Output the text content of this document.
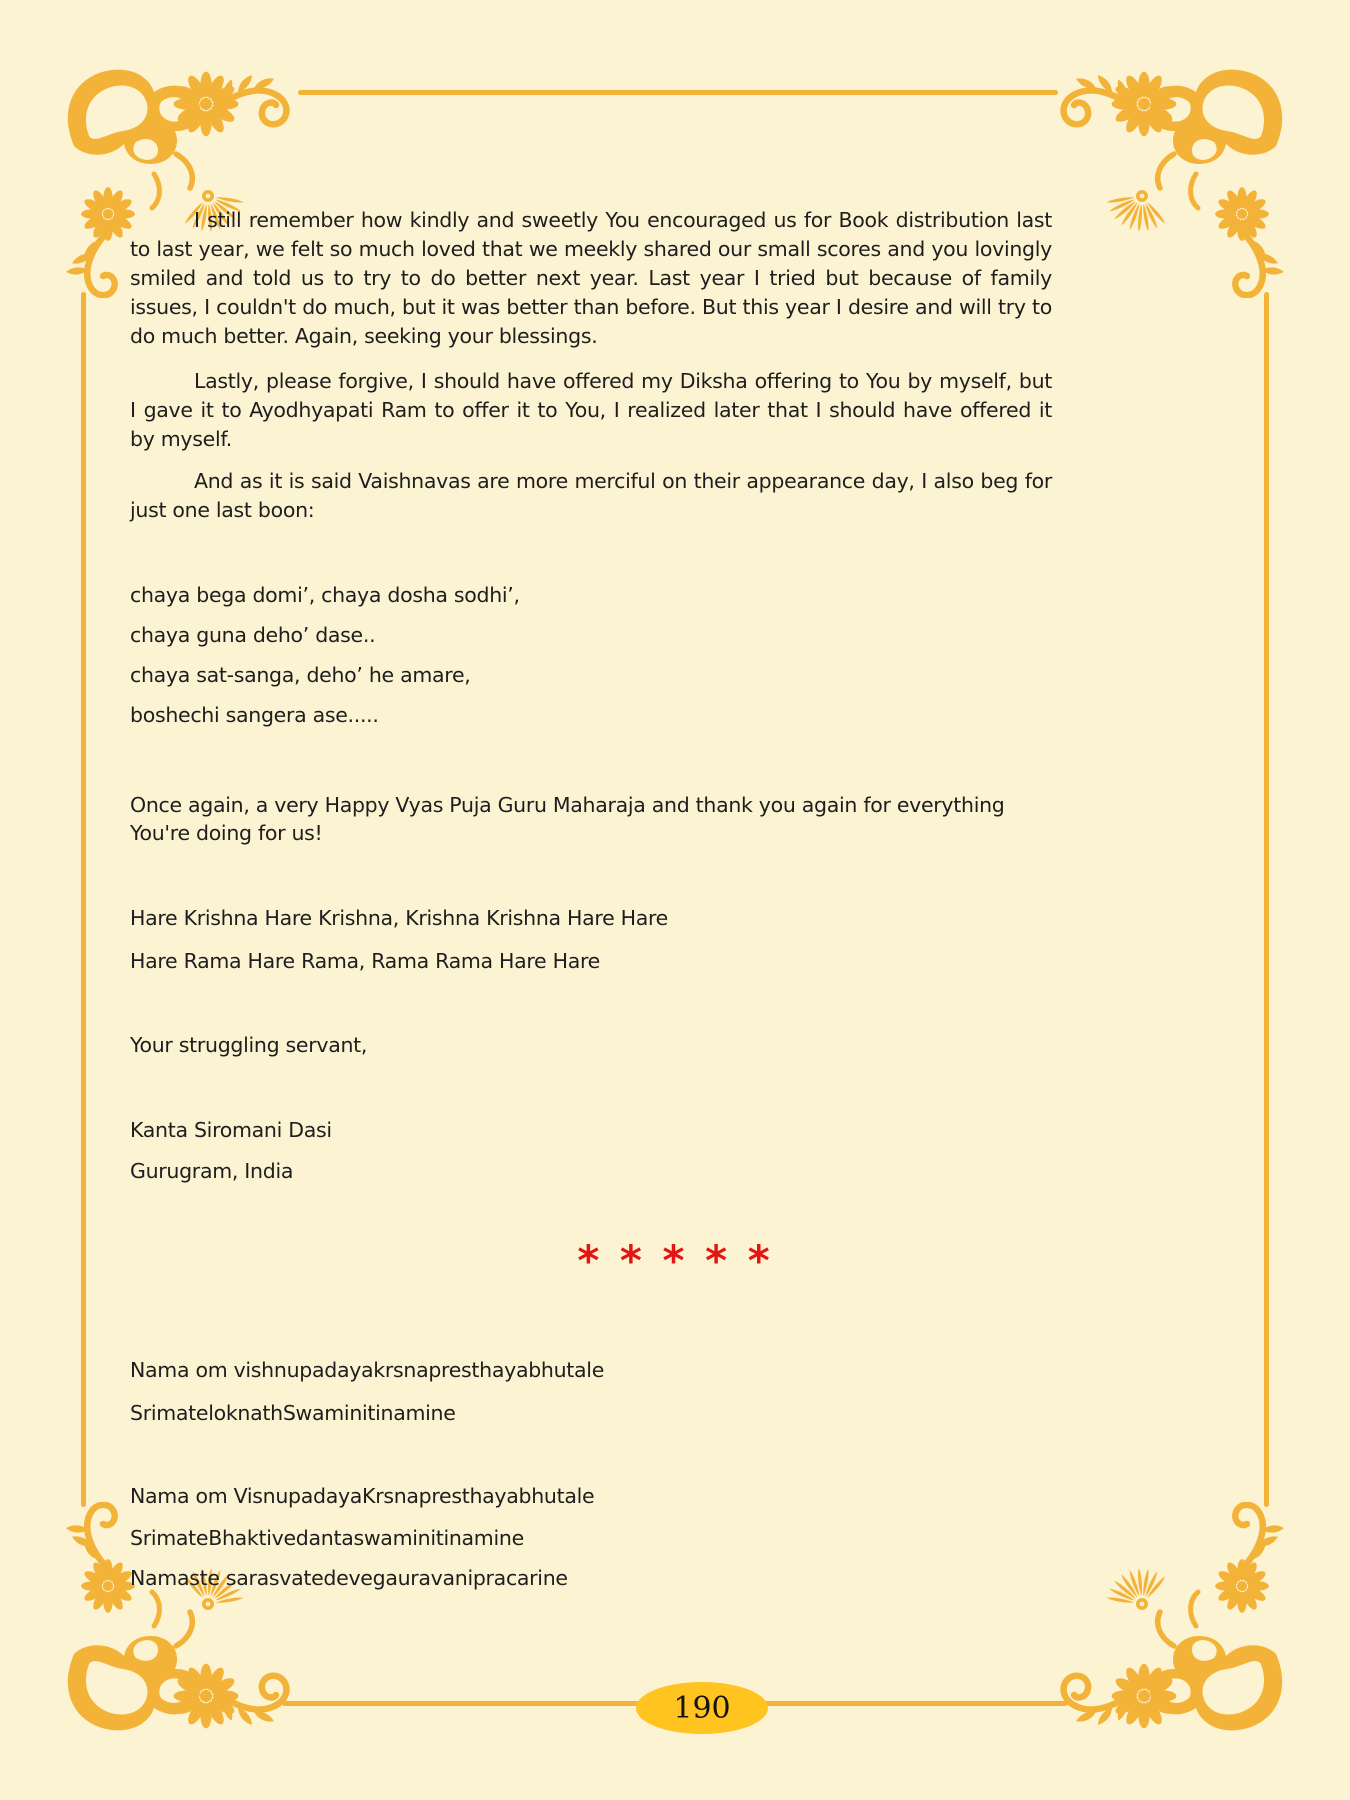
I still remember how kindly and sweetly You encouraged us for Book distribution last to last year, we felt so much loved that we meekly shared our small scores and you lovingly smiled and told us to try to do better next year. Last year I tried but because of family issues, I couldn't do much, but it was better than before. But this year I desire and will try to do much better. Again, seeking your blessings.

Lastly, please forgive, I should have offered my Diksha offering to You by myself, but I gave it to Ayodhyapati Ram to offer it to You, I realized later that I should have offered it by myself.

And as it is said Vaishnavas are more merciful on their appearance day, I also beg for just one last boon:

chaya bega domi’, chaya dosha sodhi’,

chaya guna deho’ dase..

chaya sat-sanga, deho’ he amare,

boshechi sangera ase.....

Once again, a very Happy Vyas Puja Guru Maharaja and thank you again for everything You're doing for us!

Hare Krishna Hare Krishna, Krishna Krishna Hare Hare

Hare Rama Hare Rama, Rama Rama Hare Hare

Your struggling servant,

Kanta Siromani Dasi

Gurugram, India

* * * * *

Nama om vishnupadayakrsnapresthayabhutale

SrimateloknathSwaminitinamine

Nama om VisnupadayaKrsnapresthayabhutale

SrimateBhaktivedantaswaminitinamine

Namaste sarasvatedevegauravanipracarine

190
